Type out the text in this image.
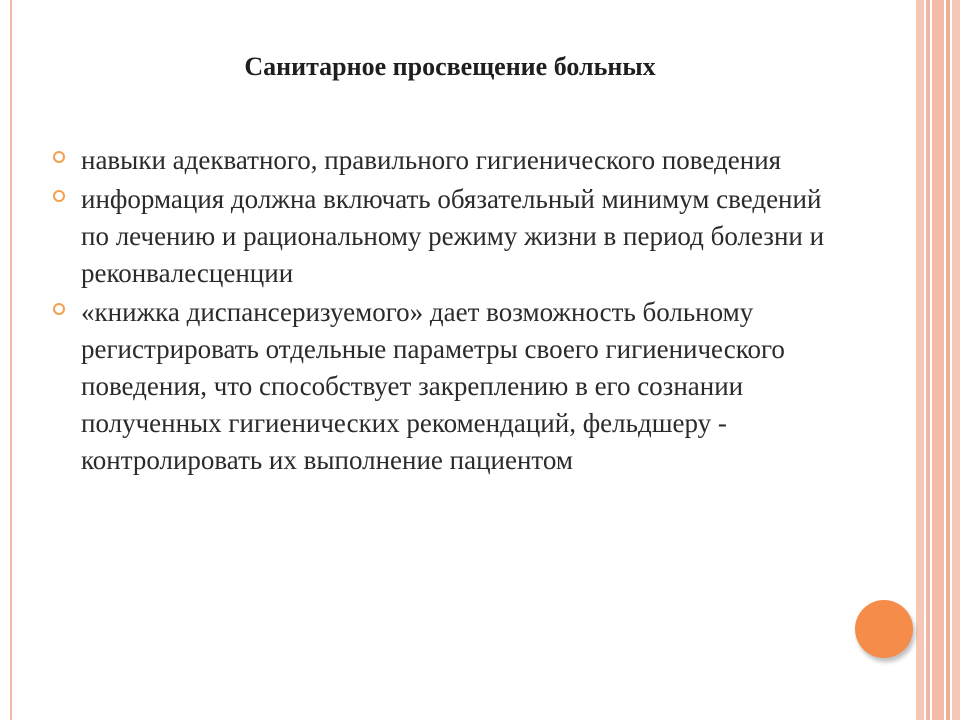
Санитарное просвещение больных
навыки адекватного, правильного гигиенического поведения
информация должна включать обязательный минимум сведений по лечению и рациональному режиму жизни в период болезни и реконвалесценции
«книжка диспансеризуемого» дает возможность больному регистрировать отдельные параметры своего гигиенического поведения, что способствует закреплению в его сознании полученных гигиенических рекомендаций, фельдшеру - контролировать их выполнение пациентом
